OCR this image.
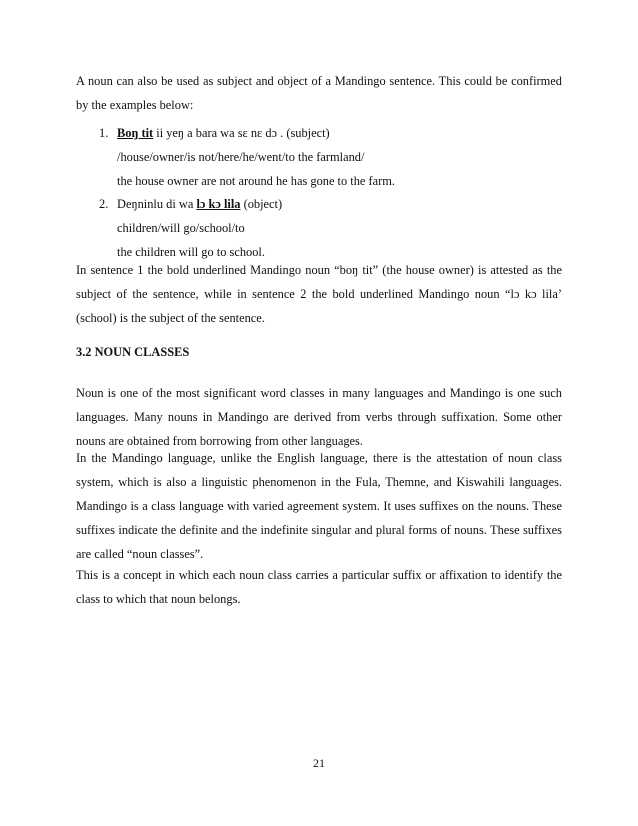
A noun can also be used as subject and object of a Mandingo sentence. This could be confirmed by the examples below:

1. Boŋ tit ii yeŋ a bara wa sɛ nɛ dɔ . (subject)
/house/owner/is not/here/he/went/to the farmland/
the house owner are not around he has gone to the farm.
2. Deŋninlu di wa lɔ kɔ lila (object)
children/will go/school/to
the children will go to school.

In sentence 1 the bold underlined Mandingo noun “boŋ tit” (the house owner) is attested as the subject of the sentence, while in sentence 2 the bold underlined Mandingo noun “lɔ kɔ lila’ (school) is the subject of the sentence.

3.2 NOUN CLASSES

Noun is one of the most significant word classes in many languages and Mandingo is one such languages. Many nouns in Mandingo are derived from verbs through suffixation. Some other nouns are obtained from borrowing from other languages.

In the Mandingo language, unlike the English language, there is the attestation of noun class system, which is also a linguistic phenomenon in the Fula, Themne, and Kiswahili languages. Mandingo is a class language with varied agreement system. It uses suffixes on the nouns. These suffixes indicate the definite and the indefinite singular and plural forms of nouns. These suffixes are called “noun classes”.

This is a concept in which each noun class carries a particular suffix or affixation to identify the class to which that noun belongs.

21
